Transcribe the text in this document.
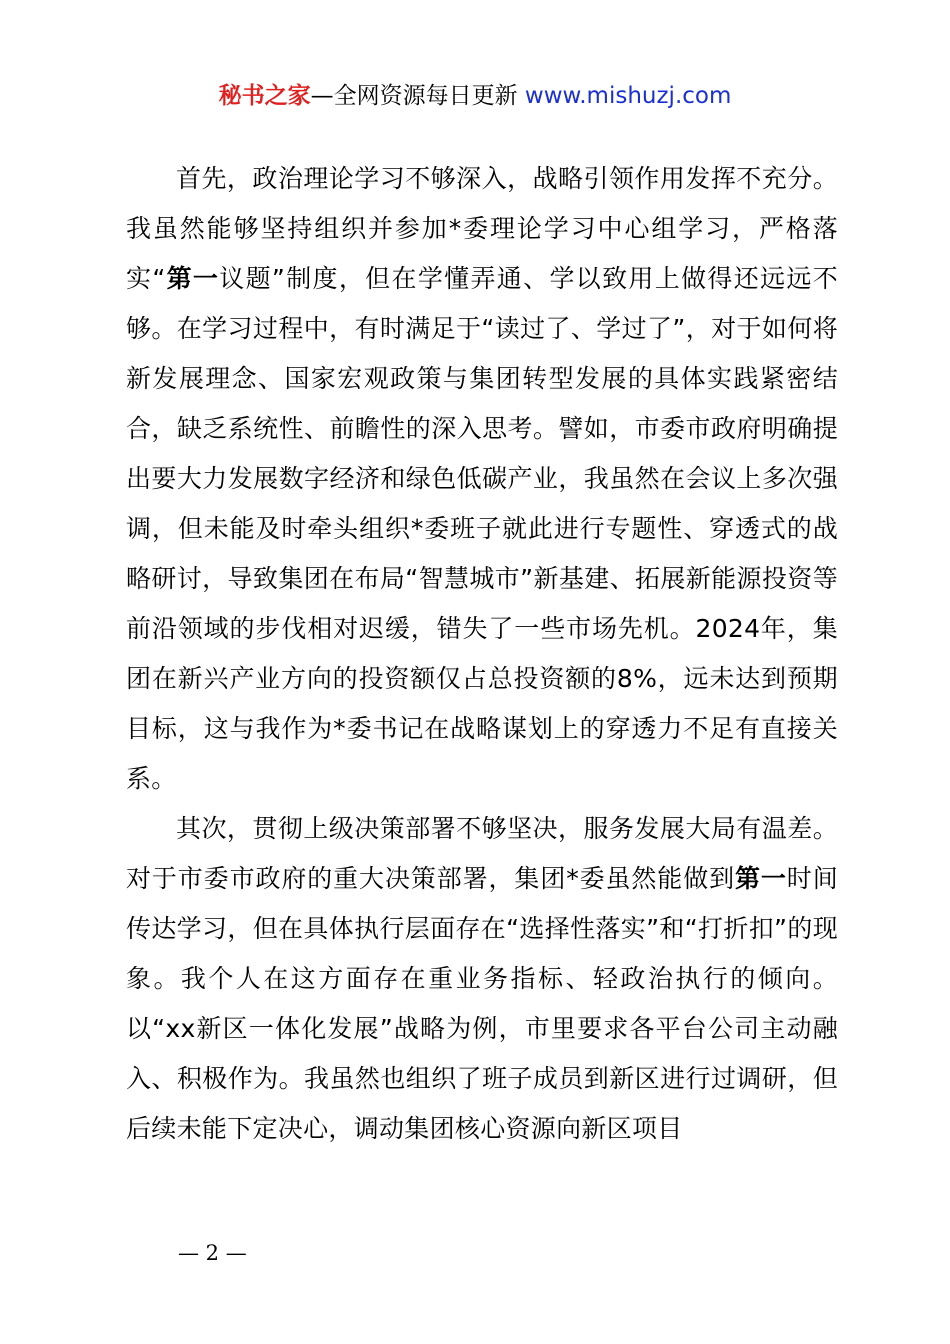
秘书之家—全网资源每日更新 www.mishuzj.com

首先，政治理论学习不够深入，战略引领作用发挥不充分。我虽然能够坚持组织并参加*委理论学习中心组学习，严格落实“第一议题”制度，但在学懂弄通、学以致用上做得还远远不够。在学习过程中，有时满足于“读过了、学过了”，对于如何将新发展理念、国家宏观政策与集团转型发展的具体实践紧密结合，缺乏系统性、前瞻性的深入思考。譬如，市委市政府明确提出要大力发展数字经济和绿色低碳产业，我虽然在会议上多次强调，但未能及时牵头组织*委班子就此进行专题性、穿透式的战略研讨，导致集团在布局“智慧城市”新基建、拓展新能源投资等前沿领域的步伐相对迟缓，错失了一些市场先机。2024年，集团在新兴产业方向的投资额仅占总投资额的8%，远未达到预期目标，这与我作为*委书记在战略谋划上的穿透力不足有直接关系。

其次，贯彻上级决策部署不够坚决，服务发展大局有温差。对于市委市政府的重大决策部署，集团*委虽然能做到第一时间传达学习，但在具体执行层面存在“选择性落实”和“打折扣”的现象。我个人在这方面存在重业务指标、轻政治执行的倾向。以“xx新区一体化发展”战略为例，市里要求各平台公司主动融入、积极作为。我虽然也组织了班子成员到新区进行过调研，但后续未能下定决心，调动集团核心资源向新区项目

— 2 —
